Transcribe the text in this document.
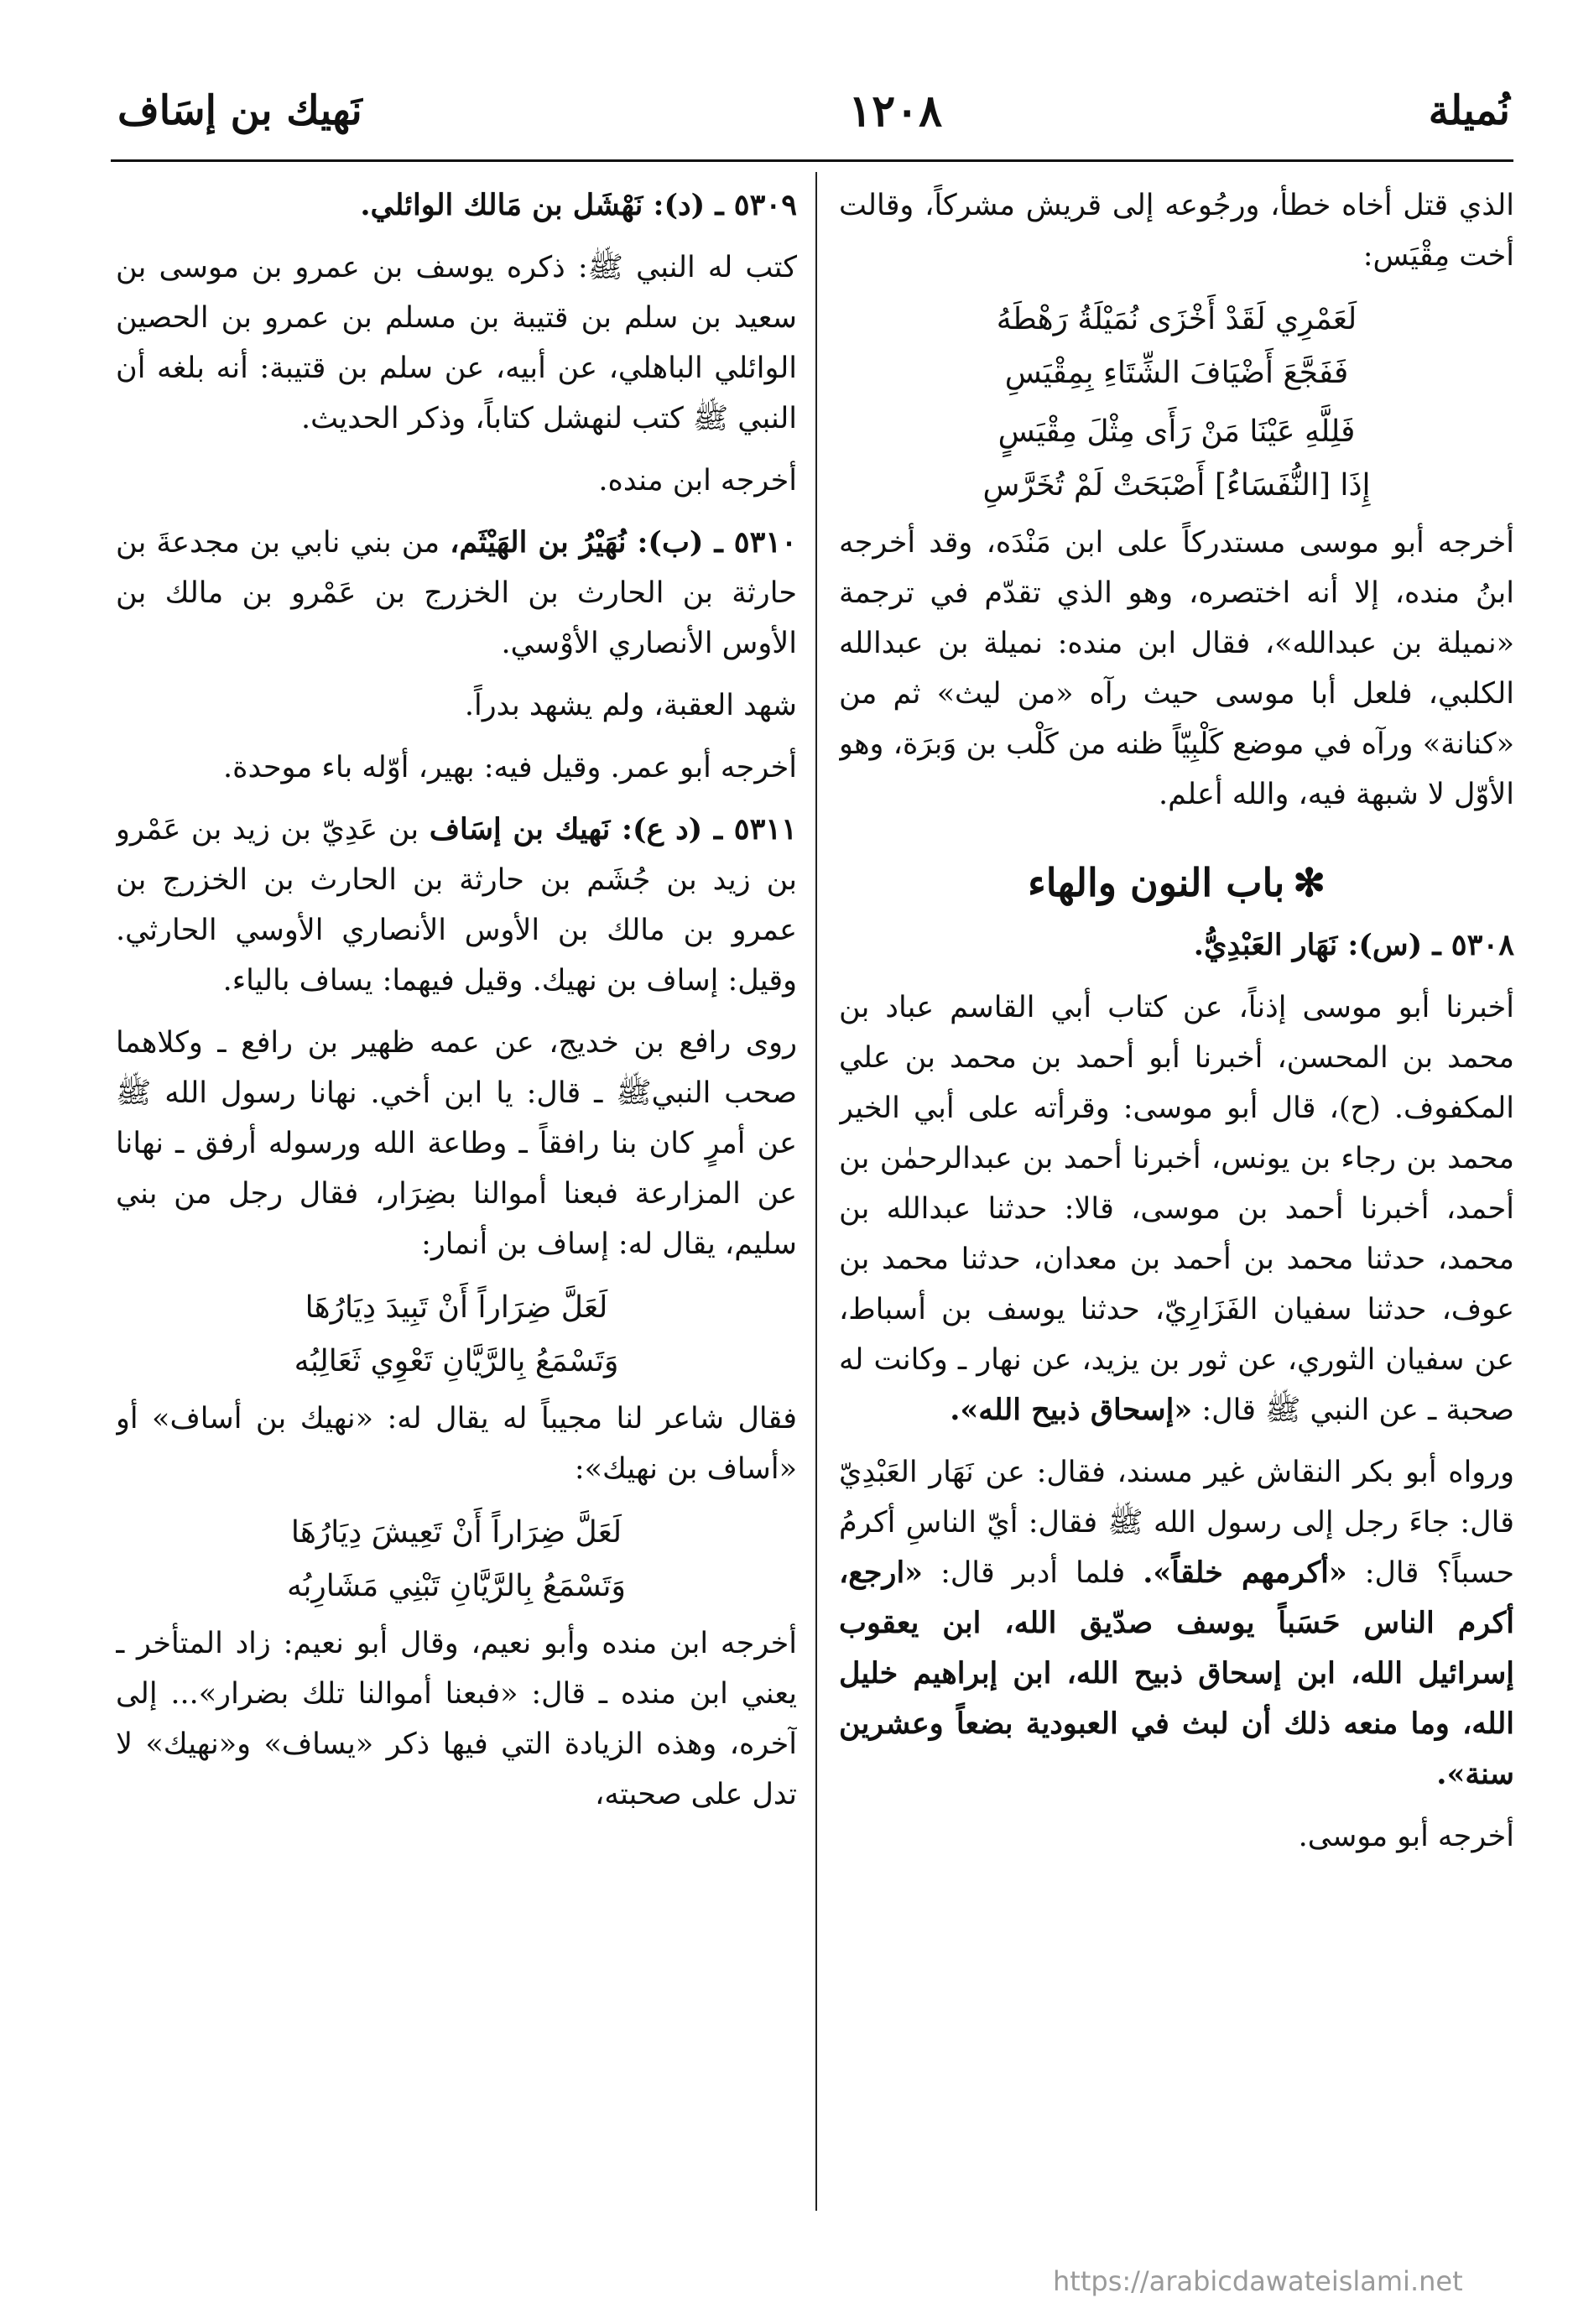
نُميلة
١٢٠٨
نَهيك بن إسَاف

الذي قتل أخاه خطأ، ورجُوعه إلى قريش مشركاً، وقالت أخت مِقْيَس:

لَعَمْرِي لَقَدْ أَخْزَى نُمَيْلَةُ رَهْطَهُ
فَفَجَّعَ أَضْيَافَ الشِّتَاءِ بِمِقْيَسِ
فَلِلَّهِ عَيْنَا مَنْ رَأَى مِثْلَ مِقْيَسٍ
إِذَا [النُّفَسَاءُ] أَصْبَحَتْ لَمْ تُخَرَّسِ

أخرجه أبو موسى مستدركاً على ابن مَنْدَه، وقد أخرجه ابنُ منده، إلا أنه اختصره، وهو الذي تقدّم في ترجمة «نميلة بن عبدالله»، فقال ابن منده: نميلة بن عبدالله الكلبي، فلعل أبا موسى حيث رآه «من ليث» ثم من «كنانة» ورآه في موضع كَلْبِيّاً ظنه من كَلْب بن وَبرَة، وهو الأوّل لا شبهة فيه، والله أعلم.

✻باب النون والهاء

٥٣٠٨ ـ (س): نَهَار العَبْدِيُّ.

أخبرنا أبو موسى إذناً، عن كتاب أبي القاسم عباد بن محمد بن المحسن، أخبرنا أبو أحمد بن محمد بن علي المكفوف. (ح)، قال أبو موسى: وقرأته على أبي الخير محمد بن رجاء بن يونس، أخبرنا أحمد بن عبدالرحمٰن بن أحمد، أخبرنا أحمد بن موسى، قالا: حدثنا عبدالله بن محمد، حدثنا محمد بن أحمد بن معدان، حدثنا محمد بن عوف، حدثنا سفيان الفَزَارِيّ، حدثنا يوسف بن أسباط، عن سفيان الثوري، عن ثور بن يزيد، عن نهار ـ وكانت له صحبة ـ عن النبي ﷺ قال: «إسحاق ذبيح الله».

ورواه أبو بكر النقاش غير مسند، فقال: عن نَهَار العَبْدِيّ قال: جاءَ رجل إلى رسول الله ﷺ فقال: أيّ الناسِ أكرمُ حسباً؟ قال: «أكرمهم خلقاً». فلما أدبر قال: «ارجع، أكرم الناس حَسَباً يوسف صدّيق الله، ابن يعقوب إسرائيل الله، ابن إسحاق ذبيح الله، ابن إبراهيم خليل الله، وما منعه ذلك أن لبث في العبودية بضعاً وعشرين سنة».

أخرجه أبو موسى.

٥٣٠٩ ـ (د): نَهْشَل بن مَالك الوائلي.

كتب له النبي ﷺ: ذكره يوسف بن عمرو بن موسى بن سعيد بن سلم بن قتيبة بن مسلم بن عمرو بن الحصين الوائلي الباهلي، عن أبيه، عن سلم بن قتيبة: أنه بلغه أن النبي ﷺ كتب لنهشل كتاباً، وذكر الحديث.

أخرجه ابن منده.

٥٣١٠ ـ (ب): نُهَيْرُ بن الهَيْثَم، من بني نابي بن مجدعةَ بن حارثة بن الحارث بن الخزرج بن عَمْرو بن مالك بن الأوس الأنصاري الأوْسي.

شهد العقبة، ولم يشهد بدراً.

أخرجه أبو عمر. وقيل فيه: بهير، أوّله باء موحدة.

٥٣١١ ـ (د ع): نَهيك بن إسَاف بن عَدِيّ بن زيد بن عَمْرو بن زيد بن جُشَم بن حارثة بن الحارث بن الخزرج بن عمرو بن مالك بن الأوس الأنصاري الأوسي الحارثي. وقيل: إساف بن نهيك. وقيل فيهما: يساف بالياء.

روى رافع بن خديج، عن عمه ظهير بن رافع ـ وكلاهما صحب النبيﷺ ـ قال: يا ابن أخي. نهانا رسول الله ﷺ عن أمرٍ كان بنا رافقاً ـ وطاعة الله ورسوله أرفق ـ نهانا عن المزارعة فبعنا أموالنا بضِرَار، فقال رجل من بني سليم، يقال له: إساف بن أنمار:

لَعَلَّ ضِرَاراً أَنْ تَبِيدَ دِيَارُهَا
وَتَسْمَعُ بِالرَّيَّانِ تَعْوِي ثَعَالِبُه

فقال شاعر لنا مجيباً له يقال له: «نهيك بن أساف» أو «أساف بن نهيك»:

لَعَلَّ ضِرَاراً أَنْ تَعِيشَ دِيَارُهَا
وَتَسْمَعُ بِالرَّيَّانِ تَبْنِي مَشَارِبُه

أخرجه ابن منده وأبو نعيم، وقال أبو نعيم: زاد المتأخر ـ يعني ابن منده ـ قال: «فبعنا أموالنا تلك بضرار»... إلى آخره، وهذه الزيادة التي فيها ذكر «يساف» و«نهيك» لا تدل على صحبته،

https://arabicdawateislami.net
